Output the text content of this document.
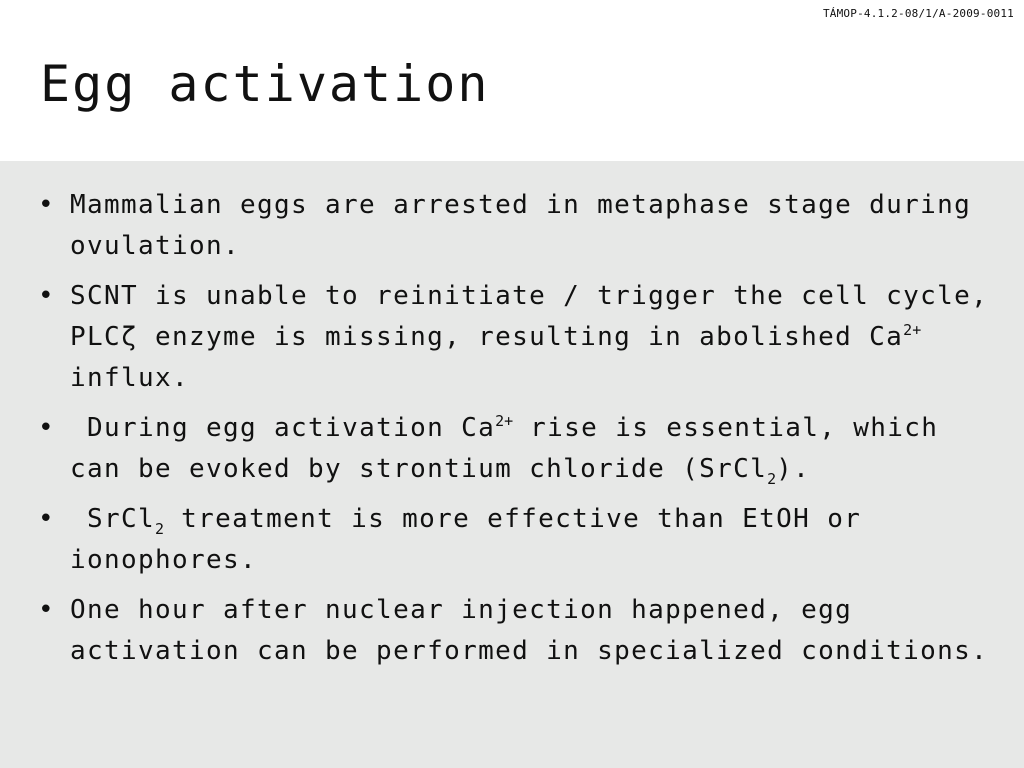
TÁMOP-4.1.2-08/1/A-2009-0011
Egg activation
• Mammalian eggs are arrested in metaphase stage during ovulation.
• SCNT is unable to reinitiate / trigger the cell cycle, PLCζ enzyme is missing, resulting in abolished $Ca^{2+}$ influx.
• During egg activation $Ca^{2+}$ rise is essential, which can be evoked by strontium chloride (SrCl$_2$).
• SrCl$_2$ treatment is more effective than EtOH or ionophores.
• One hour after nuclear injection happened, egg activation can be performed in specialized conditions.
